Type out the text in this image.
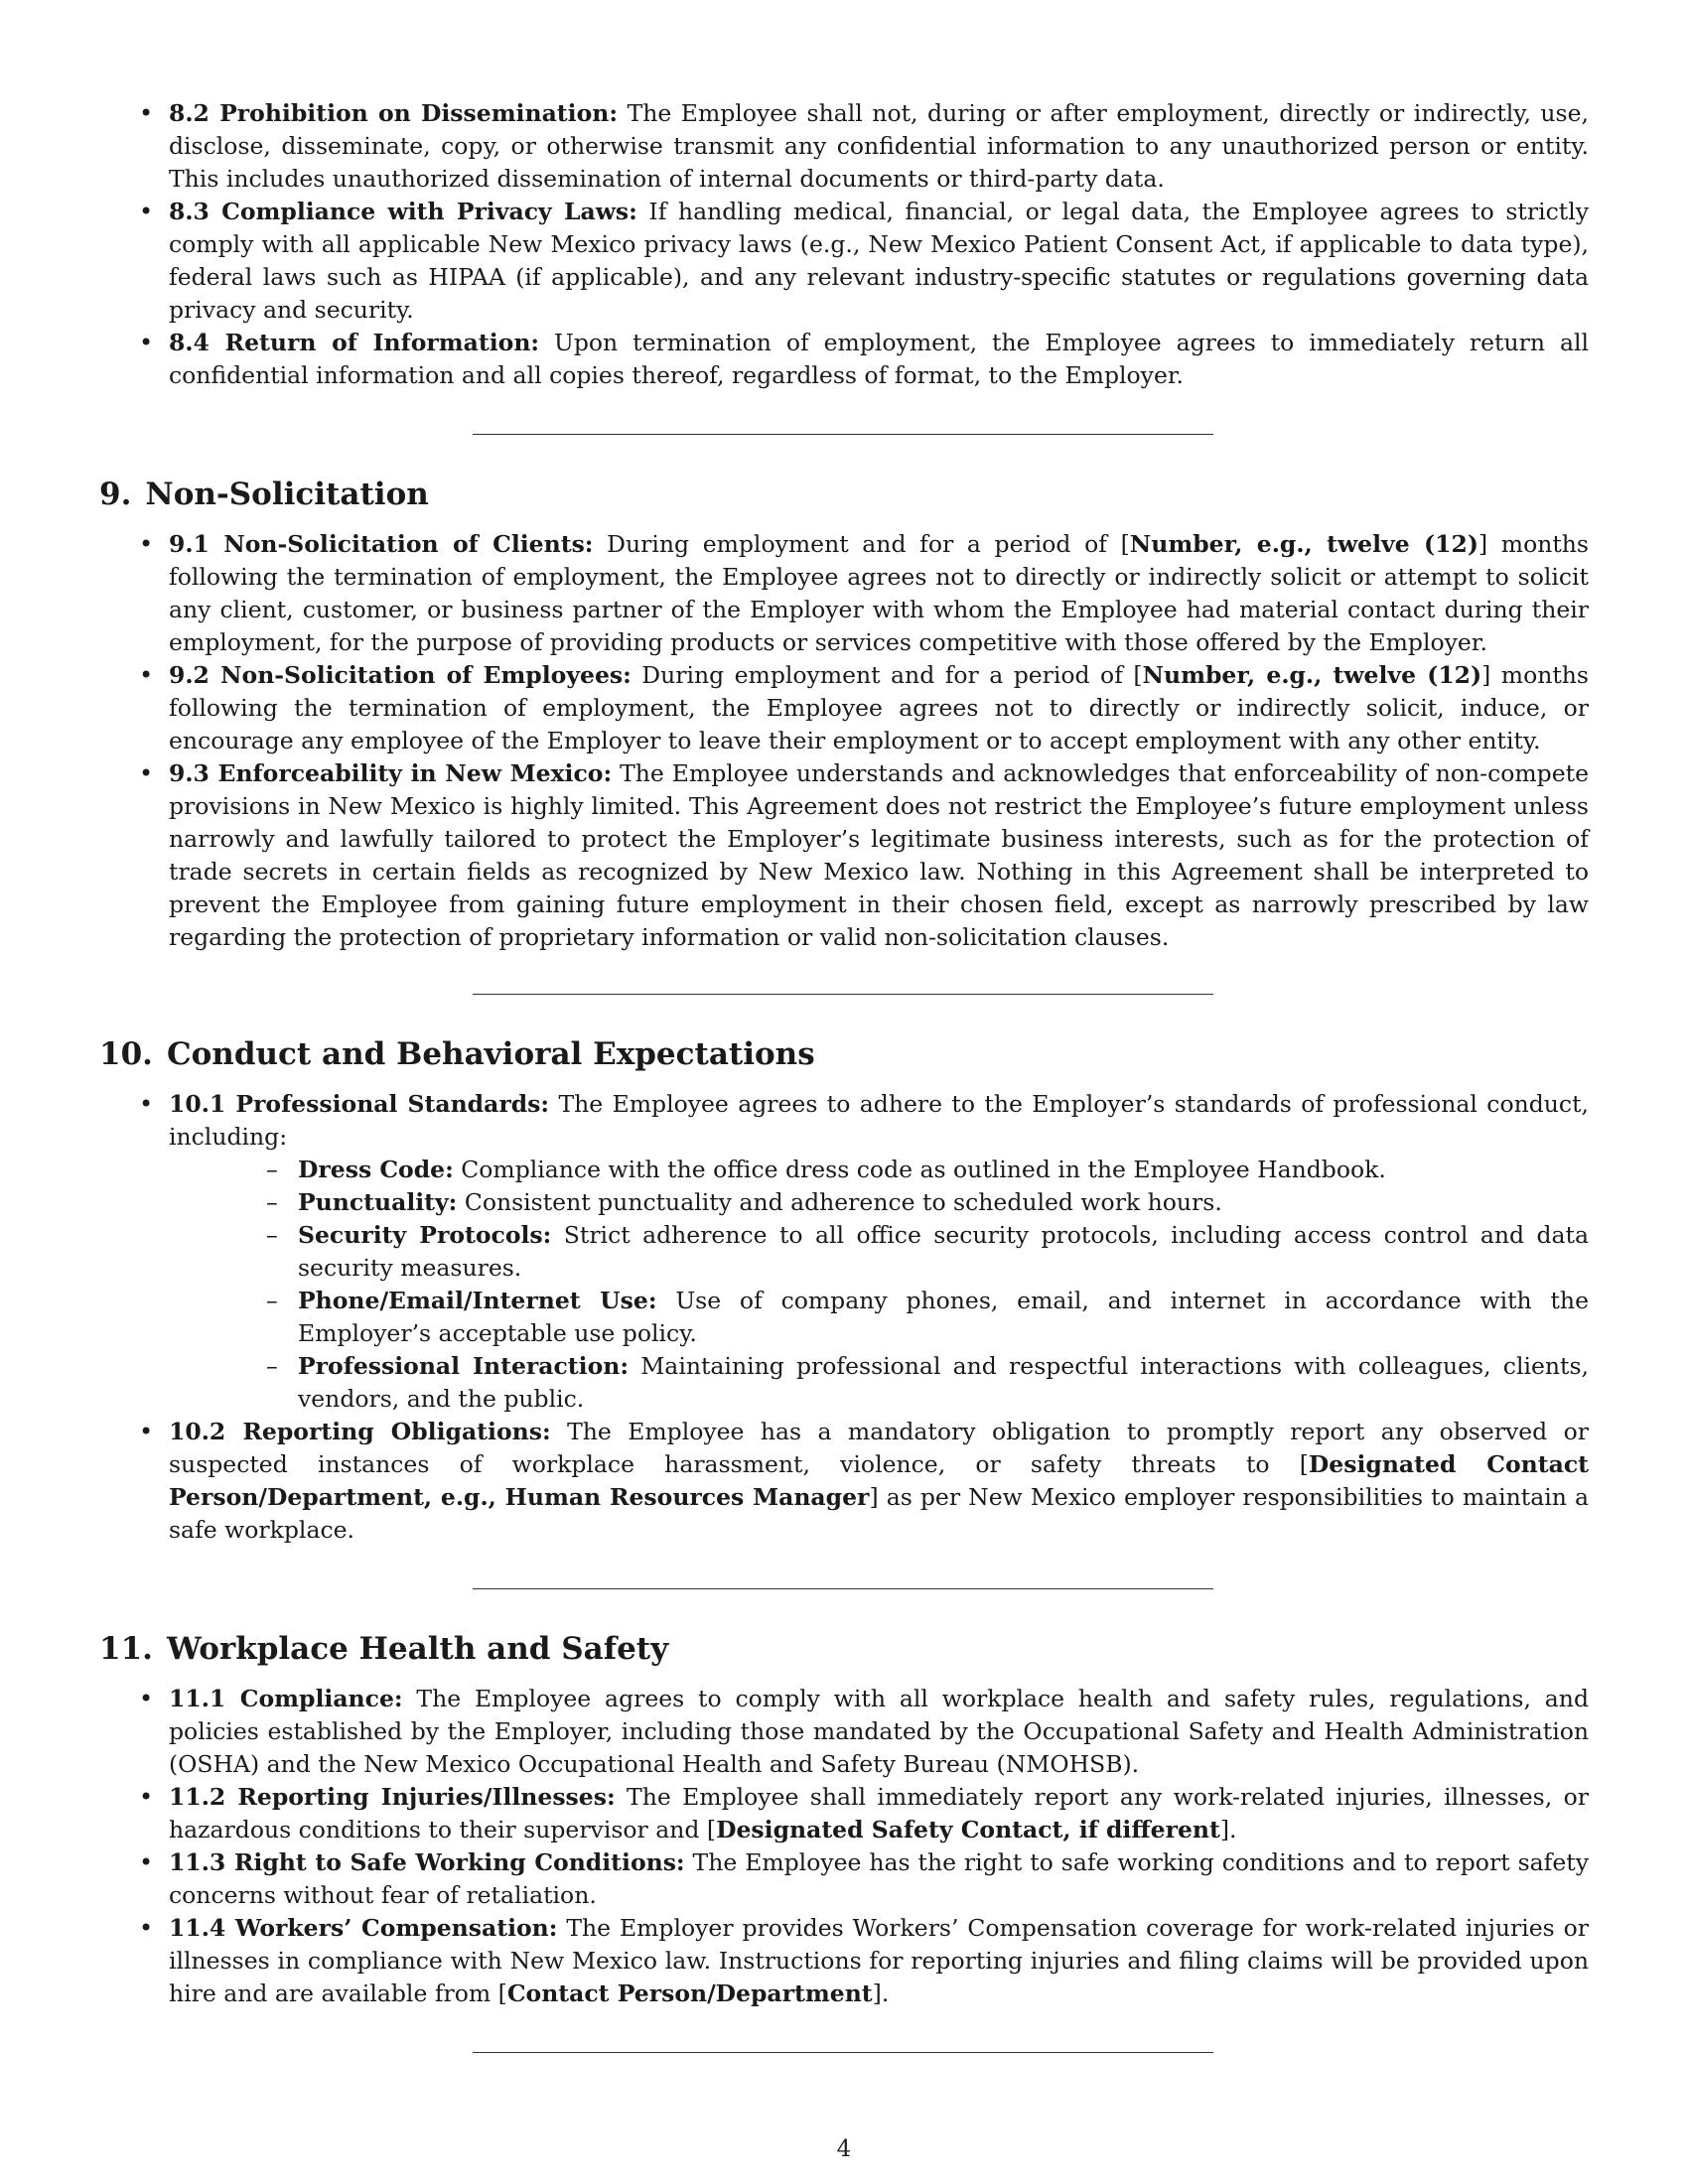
• 8.2 Prohibition on Dissemination: The Employee shall not, during or after employment, directly or indirectly, use, disclose, disseminate, copy, or otherwise transmit any confidential information to any unauthorized person or entity. This includes unauthorized dissemination of internal documents or third-party data.
• 8.3 Compliance with Privacy Laws: If handling medical, financial, or legal data, the Employee agrees to strictly comply with all applicable New Mexico privacy laws (e.g., New Mexico Patient Consent Act, if applicable to data type), federal laws such as HIPAA (if applicable), and any relevant industry-specific statutes or regulations governing data privacy and security.
• 8.4 Return of Information: Upon termination of employment, the Employee agrees to immediately return all confidential information and all copies thereof, regardless of format, to the Employer.
9. Non-Solicitation
• 9.1 Non-Solicitation of Clients: During employment and for a period of [Number, e.g., twelve (12)] months following the termination of employment, the Employee agrees not to directly or indirectly solicit or attempt to solicit any client, customer, or business partner of the Employer with whom the Employee had material contact during their employment, for the purpose of providing products or services competitive with those offered by the Employer.
• 9.2 Non-Solicitation of Employees: During employment and for a period of [Number, e.g., twelve (12)] months following the termination of employment, the Employee agrees not to directly or indirectly solicit, induce, or encourage any employee of the Employer to leave their employment or to accept employment with any other entity.
• 9.3 Enforceability in New Mexico: The Employee understands and acknowledges that enforceability of non-compete provisions in New Mexico is highly limited. This Agreement does not restrict the Employee’s future employment unless narrowly and lawfully tailored to protect the Employer’s legitimate business interests, such as for the protection of trade secrets in certain fields as recognized by New Mexico law. Nothing in this Agreement shall be interpreted to prevent the Employee from gaining future employment in their chosen field, except as narrowly prescribed by law regarding the protection of proprietary information or valid non-solicitation clauses.
10. Conduct and Behavioral Expectations
• 10.1 Professional Standards: The Employee agrees to adhere to the Employer’s standards of professional conduct, including:
– Dress Code: Compliance with the office dress code as outlined in the Employee Handbook.
– Punctuality: Consistent punctuality and adherence to scheduled work hours.
– Security Protocols: Strict adherence to all office security protocols, including access control and data security measures.
– Phone/Email/Internet Use: Use of company phones, email, and internet in accordance with the Employer’s acceptable use policy.
– Professional Interaction: Maintaining professional and respectful interactions with colleagues, clients, vendors, and the public.
• 10.2 Reporting Obligations: The Employee has a mandatory obligation to promptly report any observed or suspected instances of workplace harassment, violence, or safety threats to [Designated Contact Person/Department, e.g., Human Resources Manager] as per New Mexico employer responsibilities to maintain a safe workplace.
11. Workplace Health and Safety
• 11.1 Compliance: The Employee agrees to comply with all workplace health and safety rules, regulations, and policies established by the Employer, including those mandated by the Occupational Safety and Health Administration (OSHA) and the New Mexico Occupational Health and Safety Bureau (NMOHSB).
• 11.2 Reporting Injuries/Illnesses: The Employee shall immediately report any work-related injuries, illnesses, or hazardous conditions to their supervisor and [Designated Safety Contact, if different].
• 11.3 Right to Safe Working Conditions: The Employee has the right to safe working conditions and to report safety concerns without fear of retaliation.
• 11.4 Workers’ Compensation: The Employer provides Workers’ Compensation coverage for work-related injuries or illnesses in compliance with New Mexico law. Instructions for reporting injuries and filing claims will be provided upon hire and are available from [Contact Person/Department].
4
